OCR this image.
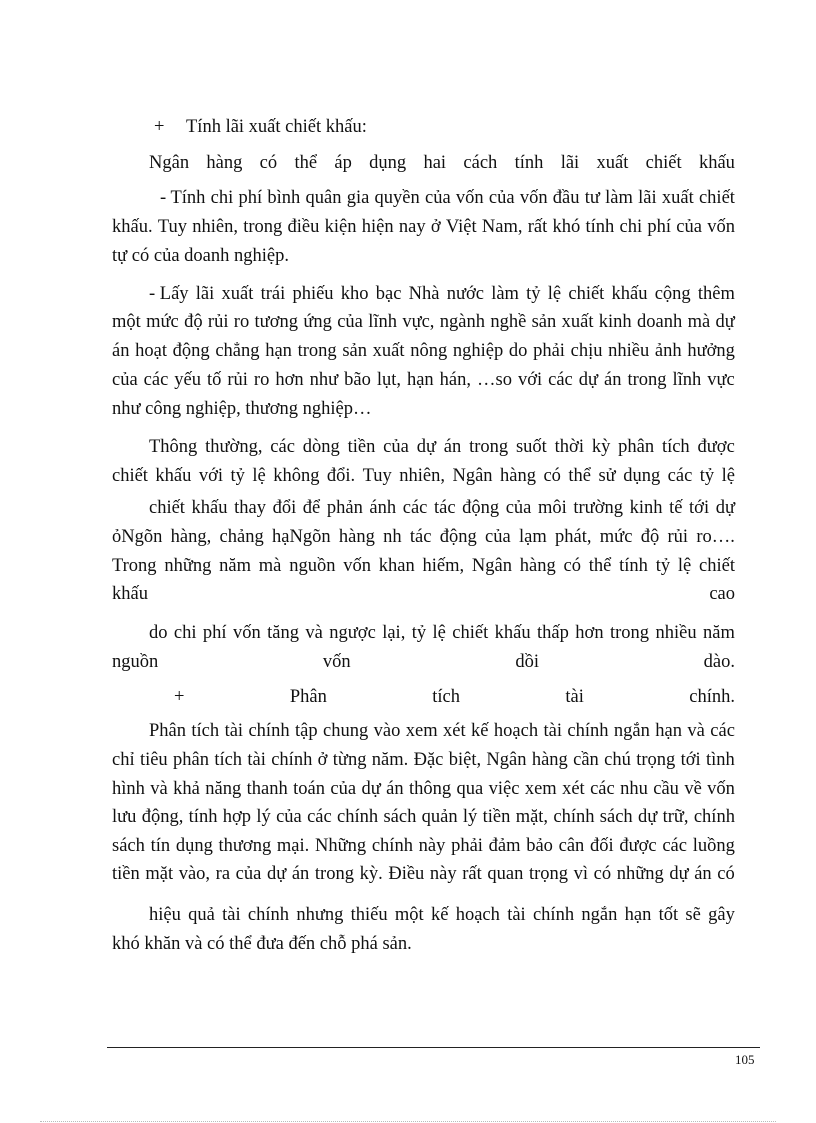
+ Tính lãi xuất chiết khấu:
Ngân hàng có thể áp dụng hai cách tính lãi xuất chiết khấu
- Tính chi phí bình quân gia quyền của vốn của vốn đầu tư làm lãi xuất chiết
khấu. Tuy nhiên, trong điều kiện hiện nay ở Việt Nam, rất khó tính chi phí của vốn
tự có của doanh nghiệp.
- Lấy lãi xuất trái phiếu kho bạc Nhà nước làm tỷ lệ chiết khấu cộng thêm
một mức độ rủi ro tương ứng của lĩnh vực, ngành nghề sản xuất kinh doanh mà dự
án hoạt động chẳng hạn trong sản xuất nông nghiệp do phải chịu nhiều ảnh hưởng
của các yếu tố rủi ro hơn như bão lụt, hạn hán, …so với các dự án trong lĩnh vực
như công nghiệp, thương nghiệp…
Thông thường, các dòng tiền của dự án trong suốt thời kỳ phân tích được
chiết khấu với tỷ lệ không đổi. Tuy nhiên, Ngân hàng có thể sử dụng các tỷ lệ
chiết khấu thay đổi để phản ánh các tác động của môi trường kinh tế tới dự
ỏNgõn hàng, chảng hạNgõn hàng nh tác động của lạm phát, mức độ rủi ro….
Trong những năm mà nguồn vốn khan hiếm, Ngân hàng có thể tính tỷ lệ chiết
khấu	cao
do chi phí vốn tăng và ngược lại, tỷ lệ chiết khấu thấp hơn trong nhiều năm
nguồn	vốn	dồi	dào.
+	Phân	tích	tài	chính.
Phân tích tài chính tập chung vào xem xét kế hoạch tài chính ngắn hạn và các
chỉ tiêu phân tích tài chính ở từng năm. Đặc biệt, Ngân hàng cần chú trọng tới tình
hình và khả năng thanh toán của dự án thông qua việc xem xét các nhu cầu về vốn
lưu động, tính hợp lý của các chính sách quản lý tiền mặt, chính sách dự trữ, chính
sách tín dụng thương mại. Những chính này phải đảm bảo cân đối được các luồng
tiền mặt vào, ra của dự án trong kỳ. Điều này rất quan trọng vì có những dự án có
hiệu quả tài chính nhưng thiếu một kế hoạch tài chính ngắn hạn tốt sẽ gây
khó khăn và có thể đưa đến chỗ phá sản.
105
